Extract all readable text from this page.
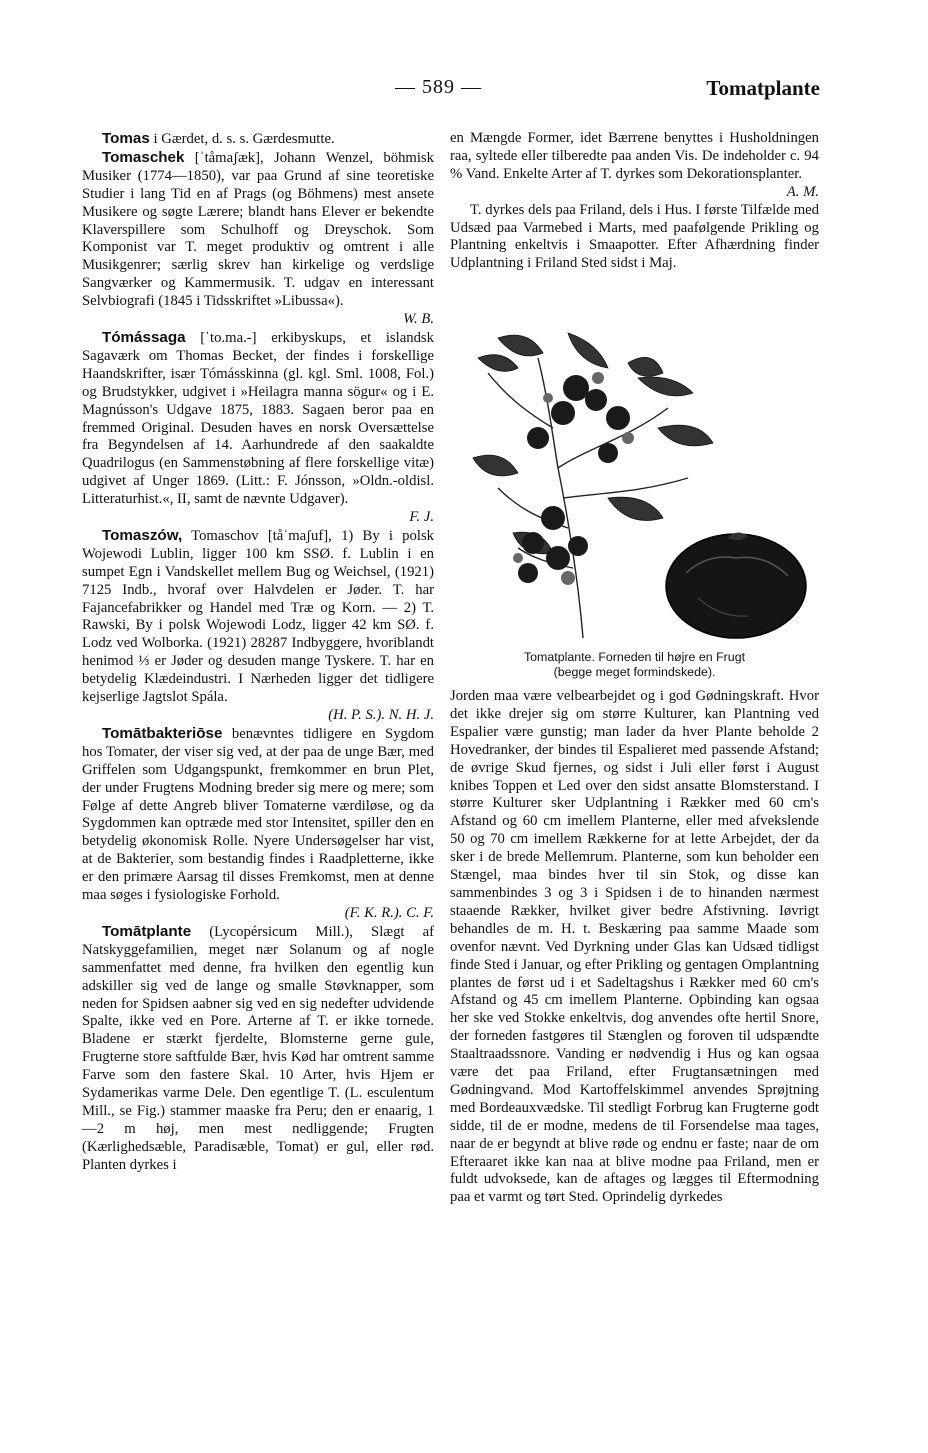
— 589 —	Tomatplante

Tomas i Gærdet, d. s. s. Gærdesmutte.

Tomaschek [ˈtåmaʃæk], Johann Wenzel, böhmisk Musiker (1774—1850), var paa Grund af sine teoretiske Studier i lang Tid en af Prags (og Böhmens) mest ansete Musikere og søgte Lærere; blandt hans Elever er bekendte Klaverspillere som Schulhoff og Dreyschok. Som Komponist var T. meget produktiv og omtrent i alle Musikgenrer; særlig skrev han kirkelige og verdslige Sangværker og Kammermusik. T. udgav en interessant Selvbiografi (1845 i Tidsskriftet »Libussa«).
W. B.

Tómássaga [ˈto.ma.-] erkibyskups, et islandsk Sagaværk om Thomas Becket, der findes i forskellige Haandskrifter, især Tómásskinna (gl. kgl. Sml. 1008, Fol.) og Brudstykker, udgivet i »Heilagra manna sögur« og i E. Magnússon's Udgave 1875, 1883. Sagaen beror paa en fremmed Original. Desuden haves en norsk Oversættelse fra Begyndelsen af 14. Aarhundrede af den saakaldte Quadrilogus (en Sammenstøbning af flere forskellige vitæ) udgivet af Unger 1869. (Litt.: F. Jónsson, »Oldn.-oldisl. Litteraturhist.«, II, samt de nævnte Udgaver).
F. J.

Tomaszów, Tomaschov [tåˈmaʃuf], 1) By i polsk Wojewodi Lublin, ligger 100 km SSØ. f. Lublin i en sumpet Egn i Vandskellet mellem Bug og Weichsel, (1921) 7125 Indb., hvoraf over Halvdelen er Jøder. T. har Fajancefabrikker og Handel med Træ og Korn. — 2) T. Rawski, By i polsk Wojewodi Lodz, ligger 42 km SØ. f. Lodz ved Wolborka. (1921) 28287 Indbyggere, hvoriblandt henimod ⅓ er Jøder og desuden mange Tyskere. T. har en betydelig Klædeindustri. I Nærheden ligger det tidligere kejserlige Jagtslot Spála.
(H. P. S.). N. H. J.

Tomātbakteriōse benævntes tidligere en Sygdom hos Tomater, der viser sig ved, at der paa de unge Bær, med Griffelen som Udgangspunkt, fremkommer en brun Plet, der under Frugtens Modning breder sig mere og mere; som Følge af dette Angreb bliver Tomaterne værdiløse, og da Sygdommen kan optræde med stor Intensitet, spiller den en betydelig økonomisk Rolle. Nyere Undersøgelser har vist, at de Bakterier, som bestandig findes i Raadpletterne, ikke er den primære Aarsag til disses Fremkomst, men at denne maa søges i fysiologiske Forhold.
(F. K. R.). C. F.

Tomātplante (Lycopérsicum Mill.), Slægt af Natskyggefamilien, meget nær Solanum og af nogle sammenfattet med denne, fra hvilken den egentlig kun adskiller sig ved de lange og smalle Støvknapper, som neden for Spidsen aabner sig ved en sig nedefter udvidende Spalte, ikke ved en Pore. Arterne af T. er ikke tornede. Bladene er stærkt fjerdelte, Blomsterne gerne gule, Frugterne store saftfulde Bær, hvis Kød har omtrent samme Farve som den fastere Skal. 10 Arter, hvis Hjem er Sydamerikas varme Dele. Den egentlige T. (L. esculentum Mill., se Fig.) stammer maaske fra Peru; den er enaarig, 1—2 m høj, men mest nedliggende; Frugten (Kærlighedsæble, Paradisæble, Tomat) er gul, eller rød. Planten dyrkes i

en Mængde Former, idet Bærrene benyttes i Husholdningen raa, syltede eller tilberedte paa anden Vis. De indeholder c. 94 % Vand. Enkelte Arter af T. dyrkes som Dekorationsplanter.
A. M.

T. dyrkes dels paa Friland, dels i Hus. I første Tilfælde med Udsæd paa Varmebed i Marts, med paafølgende Prikling og Plantning enkeltvis i Smaapotter. Efter Afhærdning finder Udplantning i Friland Sted sidst i Maj.

Tomatplante. Forneden til højre en Frugt
(begge meget formindskede).

Jorden maa være velbearbejdet og i god Gødningskraft. Hvor det ikke drejer sig om større Kulturer, kan Plantning ved Espalier være gunstig; man lader da hver Plante beholde 2 Hovedranker, der bindes til Espalieret med passende Afstand; de øvrige Skud fjernes, og sidst i Juli eller først i August knibes Toppen et Led over den sidst ansatte Blomsterstand. I større Kulturer sker Udplantning i Rækker med 60 cm's Afstand og 60 cm imellem Planterne, eller med afvekslende 50 og 70 cm imellem Rækkerne for at lette Arbejdet, der da sker i de brede Mellemrum. Planterne, som kun beholder een Stængel, maa bindes hver til sin Stok, og disse kan sammenbindes 3 og 3 i Spidsen i de to hinanden nærmest staaende Rækker, hvilket giver bedre Afstivning. Iøvrigt behandles de m. H. t. Beskæring paa samme Maade som ovenfor nævnt. Ved Dyrkning under Glas kan Udsæd tidligst finde Sted i Januar, og efter Prikling og gentagen Omplantning plantes de først ud i et Sadeltagshus i Rækker med 60 cm's Afstand og 45 cm imellem Planterne. Opbinding kan ogsaa her ske ved Stokke enkeltvis, dog anvendes ofte hertil Snore, der forneden fastgøres til Stænglen og foroven til udspændte Staaltraadssnore. Vanding er nødvendig i Hus og kan ogsaa være det paa Friland, efter Frugtansætningen med Gødningvand. Mod Kartoffelskimmel anvendes Sprøjtning med Bordeauxvædske. Til stedligt Forbrug kan Frugterne godt sidde, til de er modne, medens de til Forsendelse maa tages, naar de er begyndt at blive røde og endnu er faste; naar de om Efteraaret ikke kan naa at blive modne paa Friland, men er fuldt udvoksede, kan de aftages og lægges til Eftermodning paa et varmt og tørt Sted. Oprindelig dyrkedes
